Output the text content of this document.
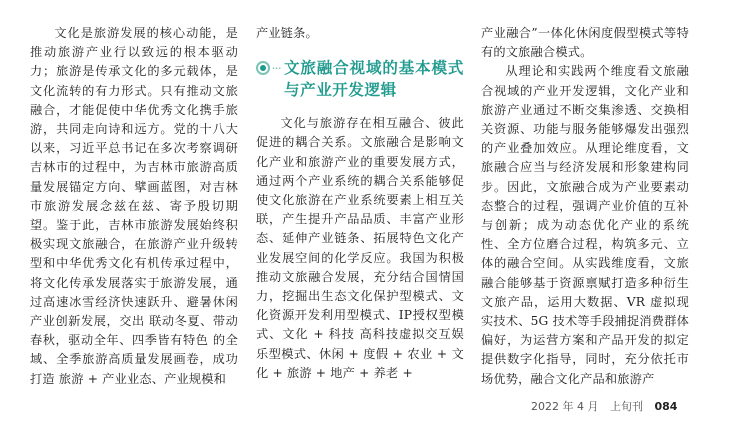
文化是旅游发展的核心动能，是推动旅游产业行以致远的根本驱动力；旅游是传承文化的多元载体，是文化流转的有力形式。只有推动文旅融合，才能促使中华优秀文化携手旅游，共同走向诗和远方。党的十八大以来，习近平总书记在多次考察调研吉林市的过程中，为吉林市旅游高质量发展锚定方向、擘画蓝图，对吉林市旅游发展念兹在兹、寄予殷切期望。鉴于此，吉林市旅游发展始终积极实现文旅融合，在旅游产业升级转型和中华优秀文化有机传承过程中，将文化传承发展落实于旅游发展，通过高速冰雪经济快速跃升、避暑休闲产业创新发展，交出 联动冬夏、带动春秋，驱动全年、四季皆有特色 的全域、全季旅游高质量发展画卷，成功打造 旅游 + 产业业态、产业规模和

产业链条。

··· 文旅融合视域的基本模式与产业开发逻辑

文化与旅游存在相互融合、彼此促进的耦合关系。文旅融合是影响文化产业和旅游产业的重要发展方式，通过两个产业系统的耦合关系能够促使文化旅游在产业系统要素上相互关联，产生提升产品品质、丰富产业形态、延伸产业链条、拓展特色文化产业发展空间的化学反应。我国为积极推动文旅融合发展，充分结合国情国力，挖掘出生态文化保护型模式、文化资源开发利用型模式、IP授权型模式、文化 + 科技 高科技虚拟交互娱乐型模式、休闲 + 度假 + 农业 + 文化 + 旅游 + 地产 + 养老 +

产业融合”一体化休闲度假型模式等特有的文旅融合模式。

从理论和实践两个维度看文旅融合视域的产业开发逻辑，文化产业和旅游产业通过不断交集渗透、交换相关资源、功能与服务能够爆发出强烈的产业叠加效应。从理论维度看，文旅融合应当与经济发展和形象建构同步。因此，文旅融合成为产业要素动态整合的过程，强调产业价值的互补与创新；成为动态优化产业的系统性、全方位磨合过程，构筑多元、立体的融合空间。从实践维度看，文旅融合能够基于资源禀赋打造多种衍生文旅产品，运用大数据、VR 虚拟现实技术、5G 技术等手段捕捉消费群体偏好，为运营方案和产品开发的拟定提供数字化指导，同时，充分依托市场优势，融合文化产品和旅游产

2022 年 4 月 上旬刊 084
